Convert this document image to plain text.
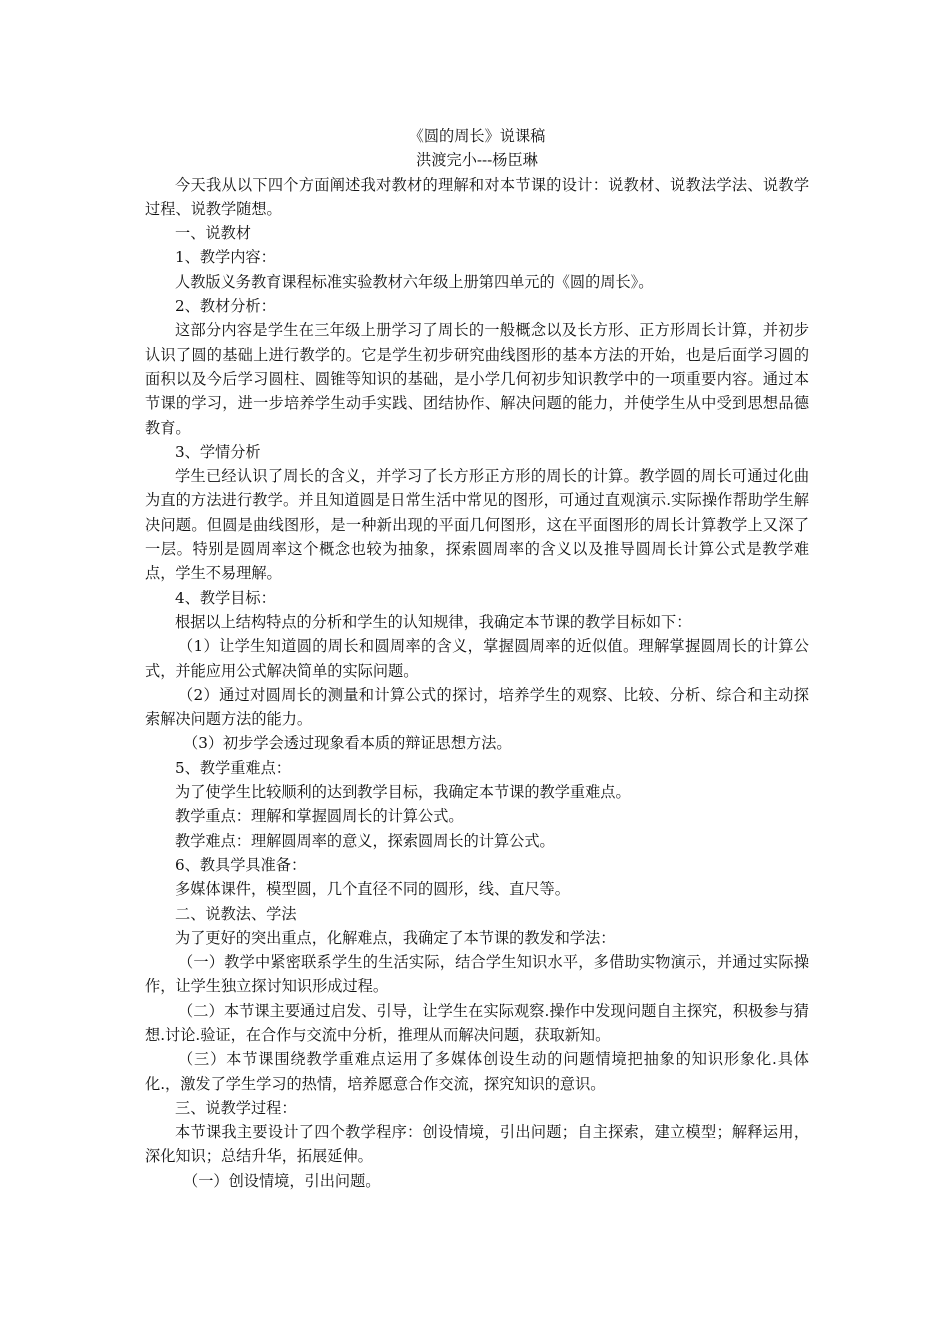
《圆的周长》说课稿

洪渡完小---杨臣琳

今天我从以下四个方面阐述我对教材的理解和对本节课的设计：说教材、说教法学法、说教学过程、说教学随想。

一、说教材

1、教学内容：

人教版义务教育课程标准实验教材六年级上册第四单元的《圆的周长》。

2、教材分析：

这部分内容是学生在三年级上册学习了周长的一般概念以及长方形、正方形周长计算，并初步认识了圆的基础上进行教学的。它是学生初步研究曲线图形的基本方法的开始，也是后面学习圆的面积以及今后学习圆柱、圆锥等知识的基础，是小学几何初步知识教学中的一项重要内容。通过本节课的学习，进一步培养学生动手实践、团结协作、解决问题的能力，并使学生从中受到思想品德教育。

3、学情分析

学生已经认识了周长的含义，并学习了长方形正方形的周长的计算。教学圆的周长可通过化曲为直的方法进行教学。并且知道圆是日常生活中常见的图形，可通过直观演示.实际操作帮助学生解决问题。但圆是曲线图形，是一种新出现的平面几何图形，这在平面图形的周长计算教学上又深了一层。特别是圆周率这个概念也较为抽象，探索圆周率的含义以及推导圆周长计算公式是教学难点，学生不易理解。

4、教学目标：

根据以上结构特点的分析和学生的认知规律，我确定本节课的教学目标如下：

（1）让学生知道圆的周长和圆周率的含义，掌握圆周率的近似值。理解掌握圆周长的计算公式，并能应用公式解决简单的实际问题。

（2）通过对圆周长的测量和计算公式的探讨，培养学生的观察、比较、分析、综合和主动探索解决问题方法的能力。

（3）初步学会透过现象看本质的辩证思想方法。

5、教学重难点：

为了使学生比较顺利的达到教学目标，我确定本节课的教学重难点。

教学重点：理解和掌握圆周长的计算公式。

教学难点：理解圆周率的意义，探索圆周长的计算公式。

6、教具学具准备：

多媒体课件，模型圆，几个直径不同的圆形，线、直尺等。

二、说教法、学法

为了更好的突出重点，化解难点，我确定了本节课的教发和学法：

（一）教学中紧密联系学生的生活实际，结合学生知识水平，多借助实物演示，并通过实际操作，让学生独立探讨知识形成过程。

（二）本节课主要通过启发、引导，让学生在实际观察.操作中发现问题自主探究，积极参与猜想.讨论.验证，在合作与交流中分析，推理从而解决问题，获取新知。

（三）本节课围绕教学重难点运用了多媒体创设生动的问题情境把抽象的知识形象化.具体化.，激发了学生学习的热情，培养愿意合作交流，探究知识的意识。

三、说教学过程：

本节课我主要设计了四个教学程序：创设情境，引出问题；自主探索，建立模型；解释运用，深化知识；总结升华，拓展延伸。

（一）创设情境，引出问题。
